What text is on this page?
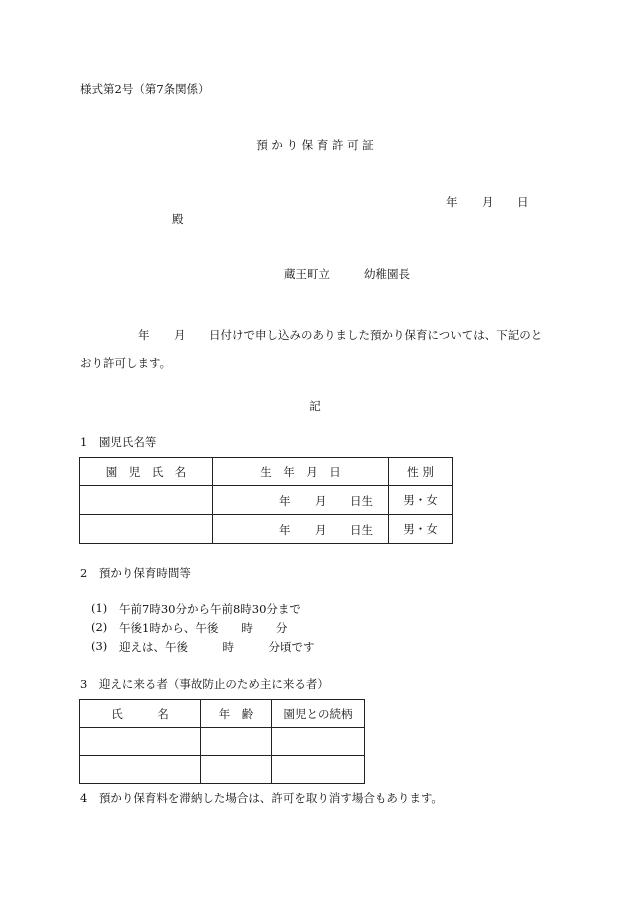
様式第2号（第7条関係）
預 か り 保 育 許 可 証
年 月 日
殿
蔵王町立	幼稚園長
年 月 日付けで申し込みのありました預かり保育については、下記のと
おり許可します。
記
1　園児氏名等
園　児　氏　名	生　年　月　日	性 別

	年 月 日生	男・女

	年 月 日生	男・女
2　預かり保育時間等
(1) 午前7時30分から午前8時30分まで
(2) 午後1時から、午後　　時　　分
(3) 迎えは、午後　　　時　　　分頃です
3　迎えに来る者（事故防止のため主に来る者）
氏　　　名	年　齢	園児との続柄

4　預かり保育料を滞納した場合は、許可を取り消す場合もあります。
